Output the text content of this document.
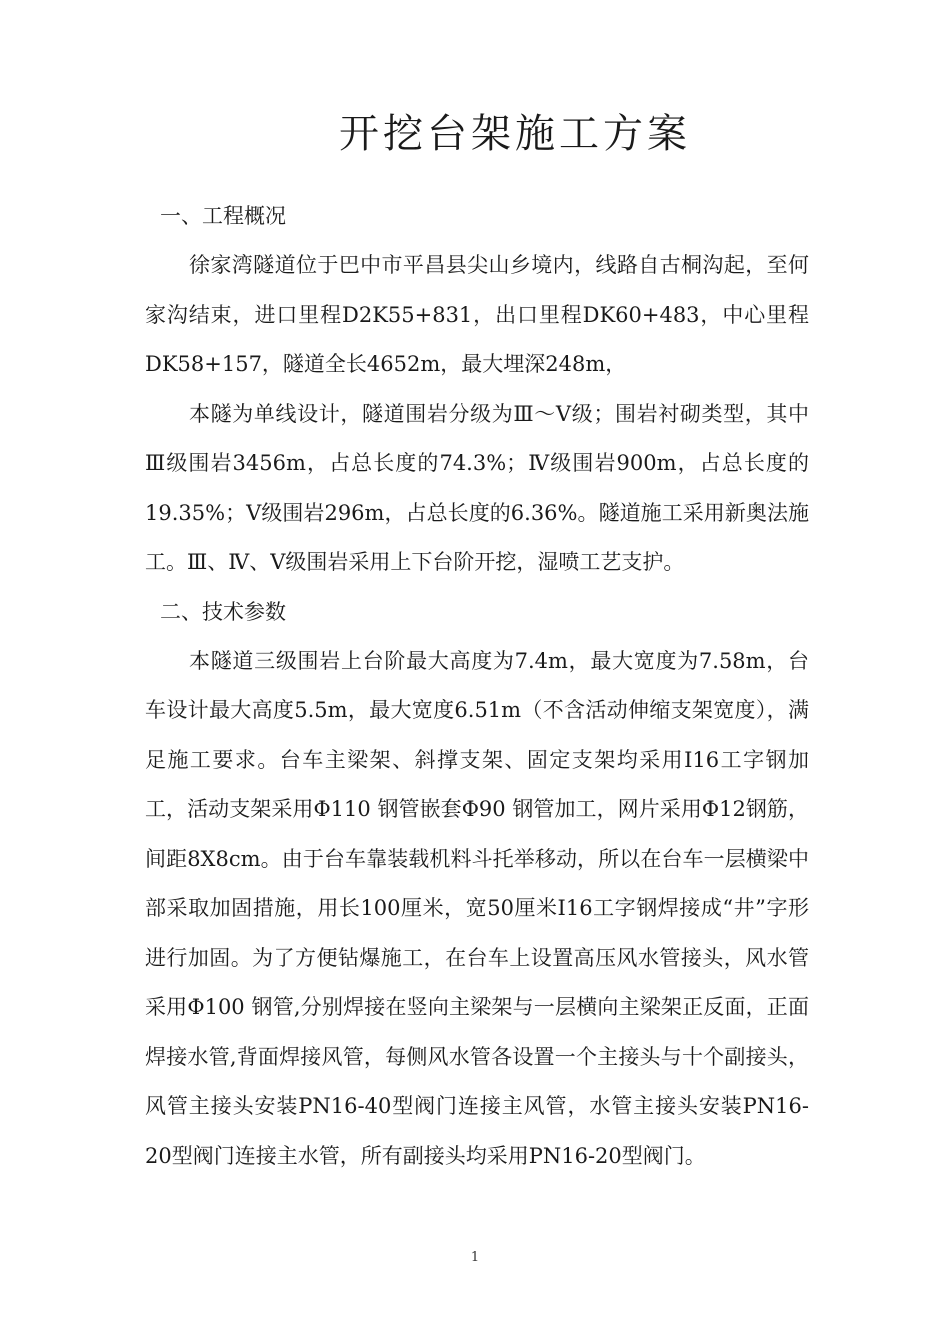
开挖台架施工方案
一、工程概况

徐家湾隧道位于巴中市平昌县尖山乡境内，线路自古桐沟起，至何家沟结束，进口里程D2K55+831，出口里程DK60+483，中心里程DK58+157，隧道全长4652m，最大埋深248m，

本隧为单线设计，隧道围岩分级为Ⅲ～Ⅴ级；围岩衬砌类型，其中Ⅲ级围岩3456m，占总长度的74.3%；Ⅳ级围岩900m，占总长度的19.35%；Ⅴ级围岩296m，占总长度的6.36%。隧道施工采用新奥法施工。Ⅲ、Ⅳ、Ⅴ级围岩采用上下台阶开挖，湿喷工艺支护。

二、技术参数

本隧道三级围岩上台阶最大高度为7.4m，最大宽度为7.58m，台车设计最大高度5.5m，最大宽度6.51m（不含活动伸缩支架宽度），满足施工要求。台车主梁架、斜撑支架、固定支架均采用I16工字钢加工，活动支架采用Φ110 钢管嵌套Φ90 钢管加工，网片采用Φ12钢筋，间距8X8cm。由于台车靠装载机料斗托举移动，所以在台车一层横梁中部采取加固措施，用长100厘米，宽50厘米I16工字钢焊接成“井”字形进行加固。为了方便钻爆施工，在台车上设置高压风水管接头，风水管采用Φ100 钢管,分别焊接在竖向主梁架与一层横向主梁架正反面，正面焊接水管,背面焊接风管，每侧风水管各设置一个主接头与十个副接头，风管主接头安装PN16-40型阀门连接主风管，水管主接头安装PN16-20型阀门连接主水管，所有副接头均采用PN16-20型阀门。

1
